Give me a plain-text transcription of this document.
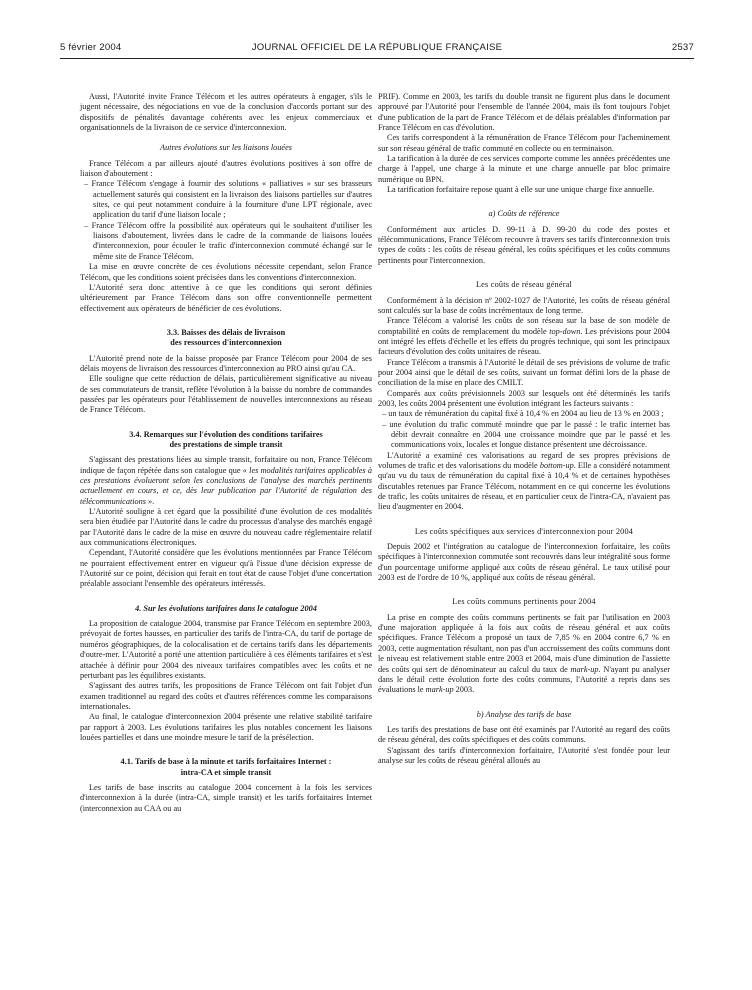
5 février 2004	JOURNAL OFFICIEL DE LA RÉPUBLIQUE FRANÇAISE	2537

Aussi, l'Autorité invite France Télécom et les autres opérateurs à engager, s'ils le jugent nécessaire, des négociations en vue de la conclusion d'accords portant sur des dispositifs de pénalités davantage cohérents avec les enjeux commerciaux et organisationnels de la livraison de ce service d'interconnexion.

Autres évolutions sur les liaisons louées

France Télécom a par ailleurs ajouté d'autres évolutions positives à son offre de liaison d'aboutement :

– France Télécom s'engage à fournir des solutions « palliatives » sur ses brasseurs actuellement saturés qui consistent en la livraison des liaisons partielles sur d'autres sites, ce qui peut notamment conduire à la fourniture d'une LPT régionale, avec application du tarif d'une liaison locale ;

– France Télécom offre la possibilité aux opérateurs qui le souhaitent d'utiliser les liaisons d'aboutement, livrées dans le cadre de la commande de liaisons louées d'interconnexion, pour écouler le trafic d'interconnexion commuté échangé sur le même site de France Télécom.

La mise en œuvre concrète de ces évolutions nécessite cependant, selon France Télécom, que les conditions soient précisées dans les conventions d'interconnexion.

L'Autorité sera donc attentive à ce que les conditions qui seront définies ultérieurement par France Télécom dans son offre conventionnelle permettent effectivement aux opérateurs de bénéficier de ces évolutions.

3.3. Baisses des délais de livraison

des ressources d'interconnexion

L'Autorité prend note de la baisse proposée par France Télécom pour 2004 de ses délais moyens de livraison des ressources d'interconnexion au PRO ainsi qu'au CA.

Elle souligne que cette réduction de délais, particulièrement significative au niveau de ses commutateurs de transit, reflète l'évolution à la baisse du nombre de commandes passées par les opérateurs pour l'établissement de nouvelles interconnexions au réseau de France Télécom.

3.4. Remarques sur l'évolution des conditions tarifaires

des prestations de simple transit

S'agissant des prestations liées au simple transit, forfaitaire ou non, France Télécom indique de façon répétée dans son catalogue que « les modalités tarifaires applicables à ces prestations évolueront selon les conclusions de l'analyse des marchés pertinents actuellement en cours, et ce, dès leur publication par l'Autorité de régulation des télécommunications ».

L'Autorité souligne à cet égard que la possibilité d'une évolution de ces modalités sera bien étudiée par l'Autorité dans le cadre du processus d'analyse des marchés engagé par l'Autorité dans le cadre de la mise en œuvre du nouveau cadre réglementaire relatif aux communications électroniques.

Cependant, l'Autorité considère que les évolutions mentionnées par France Télécom ne pourraient effectivement entrer en vigueur qu'à l'issue d'une décision expresse de l'Autorité sur ce point, décision qui ferait en tout état de cause l'objet d'une concertation préalable associant l'ensemble des opérateurs intéressés.

4. Sur les évolutions tarifaires dans le catalogue 2004

La proposition de catalogue 2004, transmise par France Télécom en septembre 2003, prévoyait de fortes hausses, en particulier des tarifs de l'intra-CA, du tarif de portage de numéros géographiques, de la colocalisation et de certains tarifs dans les départements d'outre-mer. L'Autorité a porté une attention particulière à ces éléments tarifaires et s'est attachée à définir pour 2004 des niveaux tarifaires compatibles avec les coûts et ne perturbant pas les équilibres existants.

S'agissant des autres tarifs, les propositions de France Télécom ont fait l'objet d'un examen traditionnel au regard des coûts et d'autres références comme les comparaisons internationales.

Au final, le catalogue d'interconnexion 2004 présente une relative stabilité tarifaire par rapport à 2003. Les évolutions tarifaires les plus notables concernent les liaisons louées partielles et dans une moindre mesure le tarif de la présélection.

4.1. Tarifs de base à la minute et tarifs forfaitaires Internet :

intra-CA et simple transit

Les tarifs de base inscrits au catalogue 2004 concernent à la fois les services d'interconnexion à la durée (intra-CA, simple transit) et les tarifs forfaitaires Internet (interconnexion au CAA ou au

PRIF). Comme en 2003, les tarifs du double transit ne figurent plus dans le document approuvé par l'Autorité pour l'ensemble de l'année 2004, mais ils font toujours l'objet d'une publication de la part de France Télécom et de délais préalables d'information par France Télécom en cas d'évolution.

Ces tarifs correspondent à la rémunération de France Télécom pour l'acheminement sur son réseau général de trafic commuté en collecte ou en terminaison.

La tarification à la durée de ces services comporte comme les années précédentes une charge à l'appel, une charge à la minute et une charge annuelle par bloc primaire numérique ou BPN.

La tarification forfaitaire repose quant à elle sur une unique charge fixe annuelle.

a) Coûts de référence

Conformément aux articles D. 99-11 à D. 99-20 du code des postes et télécommunications, France Télécom recouvre à travers ses tarifs d'interconnexion trois types de coûts : les coûts de réseau général, les coûts spécifiques et les coûts communs pertinents pour l'interconnexion.

Les coûts de réseau général

Conformément à la décision nº 2002-1027 de l'Autorité, les coûts de réseau général sont calculés sur la base de coûts incrémentaux de long terme.

France Télécom a valorisé les coûts de son réseau sur la base de son modèle de comptabilité en coûts de remplacement du modèle top-down. Les prévisions pour 2004 ont intégré les effets d'échelle et les effets du progrès technique, qui sont les principaux facteurs d'évolution des coûts unitaires de réseau.

France Télécom a transmis à l'Autorité le détail de ses prévisions de volume de trafic pour 2004 ainsi que le détail de ses coûts, suivant un format défini lors de la phase de conciliation de la mise en place des CMILT.

Comparés aux coûts prévisionnels 2003 sur lesquels ont été déterminés les tarifs 2003, les coûts 2004 présentent une évolution intégrant les facteurs suivants :

– un taux de rémunération du capital fixé à 10,4 % en 2004 au lieu de 13 % en 2003 ;

– une évolution du trafic commuté moindre que par le passé : le trafic internet bas débit devrait connaître en 2004 une croissance moindre que par le passé et les communications voix, locales et longue distance présentent une décroissance.

L'Autorité a examiné ces valorisations au regard de ses propres prévisions de volumes de trafic et des valorisations du modèle bottom-up. Elle a considéré notamment qu'au vu du taux de rémunération du capital fixé à 10,4 % et de certaines hypothèses discutables retenues par France Télécom, notamment en ce qui concerne les évolutions de trafic, les coûts unitaires de réseau, et en particulier ceux de l'intra-CA, n'avaient pas lieu d'augmenter en 2004.

Les coûts spécifiques aux services d'interconnexion pour 2004

Depuis 2002 et l'intégration au catalogue de l'interconnexion forfaitaire, les coûts spécifiques à l'interconnexion commutée sont recouvrés dans leur intégralité sous forme d'un pourcentage uniforme appliqué aux coûts de réseau général. Le taux utilisé pour 2003 est de l'ordre de 10 %, appliqué aux coûts de réseau général.

Les coûts communs pertinents pour 2004

La prise en compte des coûts communs pertinents se fait par l'utilisation en 2003 d'une majoration appliquée à la fois aux coûts de réseau général et aux coûts spécifiques. France Télécom a proposé un taux de 7,85 % en 2004 contre 6,7 % en 2003, cette augmentation résultant, non pas d'un accroissement des coûts communs dont le niveau est relativement stable entre 2003 et 2004, mais d'une diminution de l'assiette des coûts qui sert de dénominateur au calcul du taux de mark-up. N'ayant pu analyser dans le détail cette évolution forte des coûts communs, l'Autorité a repris dans ses évaluations le mark-up 2003.

b) Analyse des tarifs de base

Les tarifs des prestations de base ont été examinés par l'Autorité au regard des coûts de réseau général, des coûts spécifiques et des coûts communs.

S'agissant des tarifs d'interconnexion forfaitaire, l'Autorité s'est fondée pour leur analyse sur les coûts de réseau général alloués au
